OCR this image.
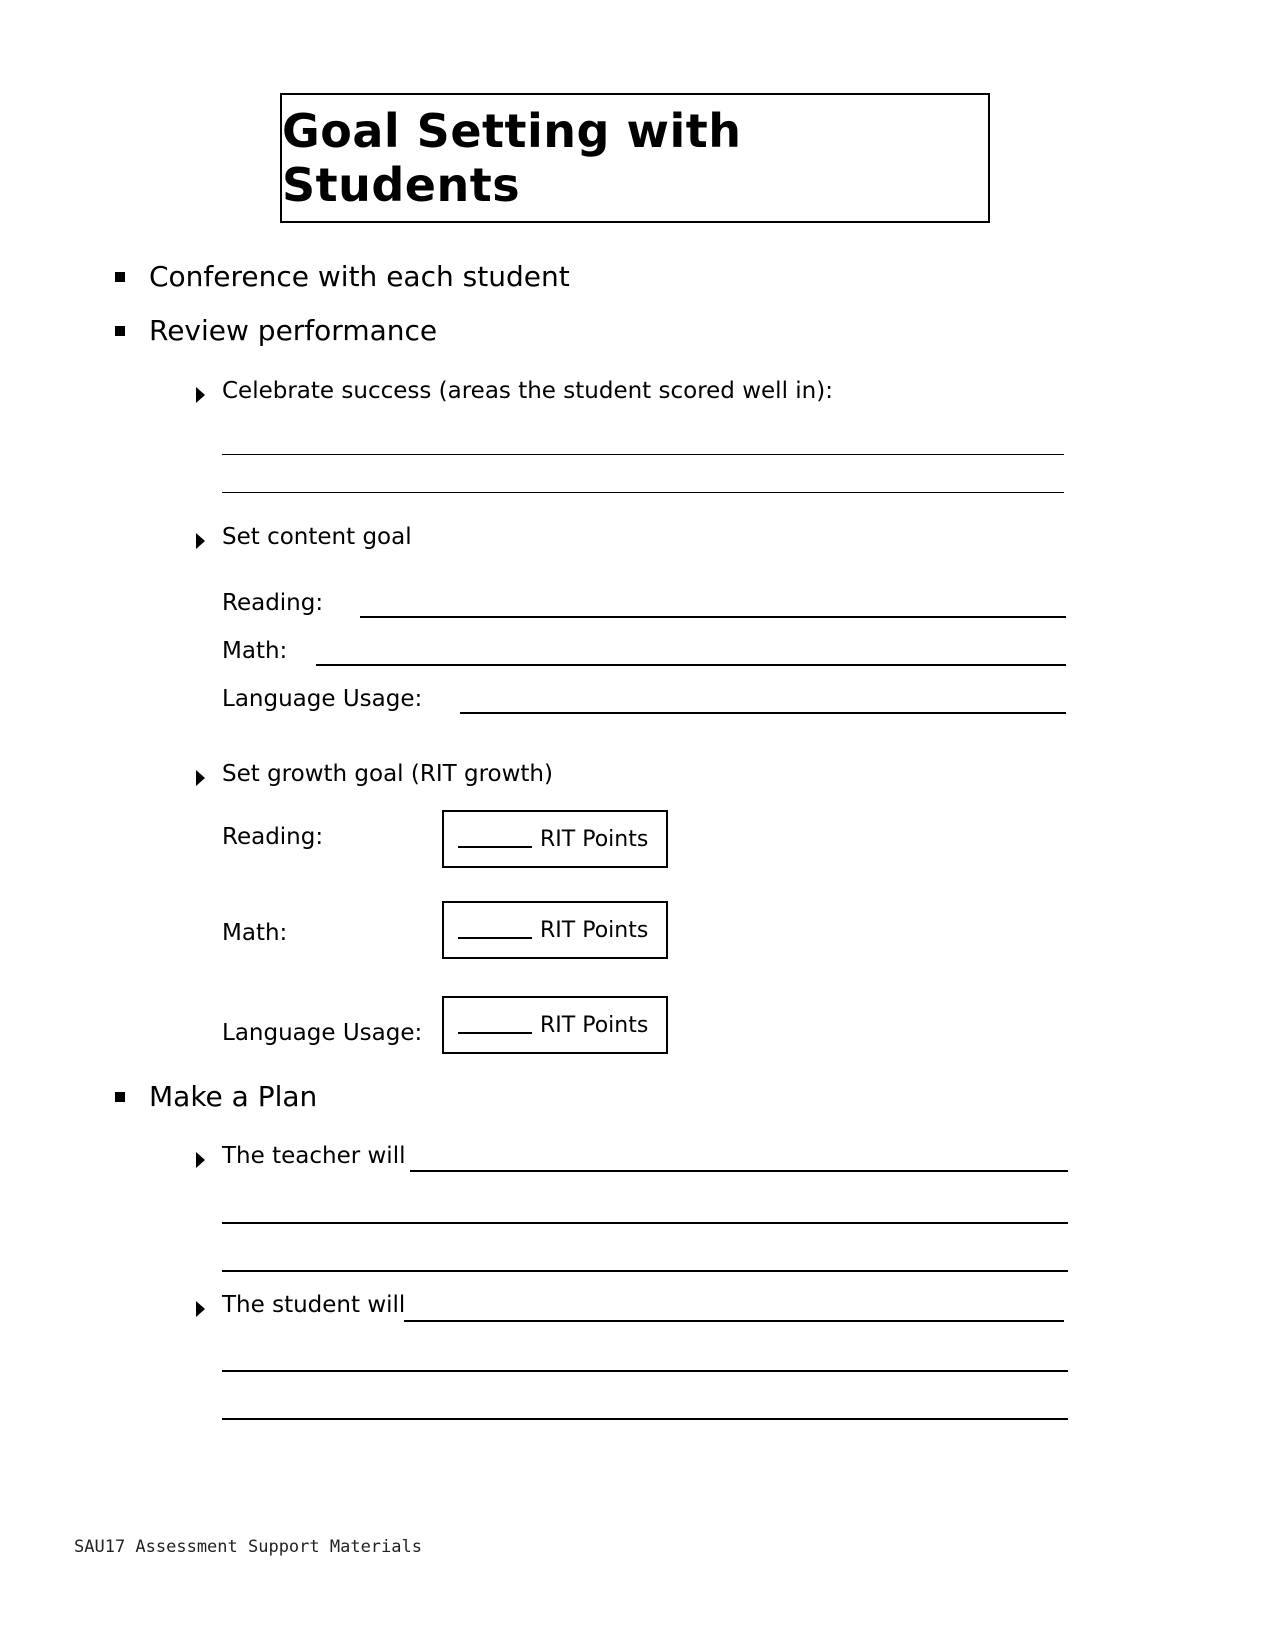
Goal Setting with Students
Conference with each student
Review performance
Celebrate success (areas the student scored well in):
Set content goal
Reading:
Math:
Language Usage:
Set growth goal (RIT growth)
Reading:	RIT Points
Math:	RIT Points
Language Usage:	RIT Points
Make a Plan
The teacher will
The student will
SAU17 Assessment Support Materials
